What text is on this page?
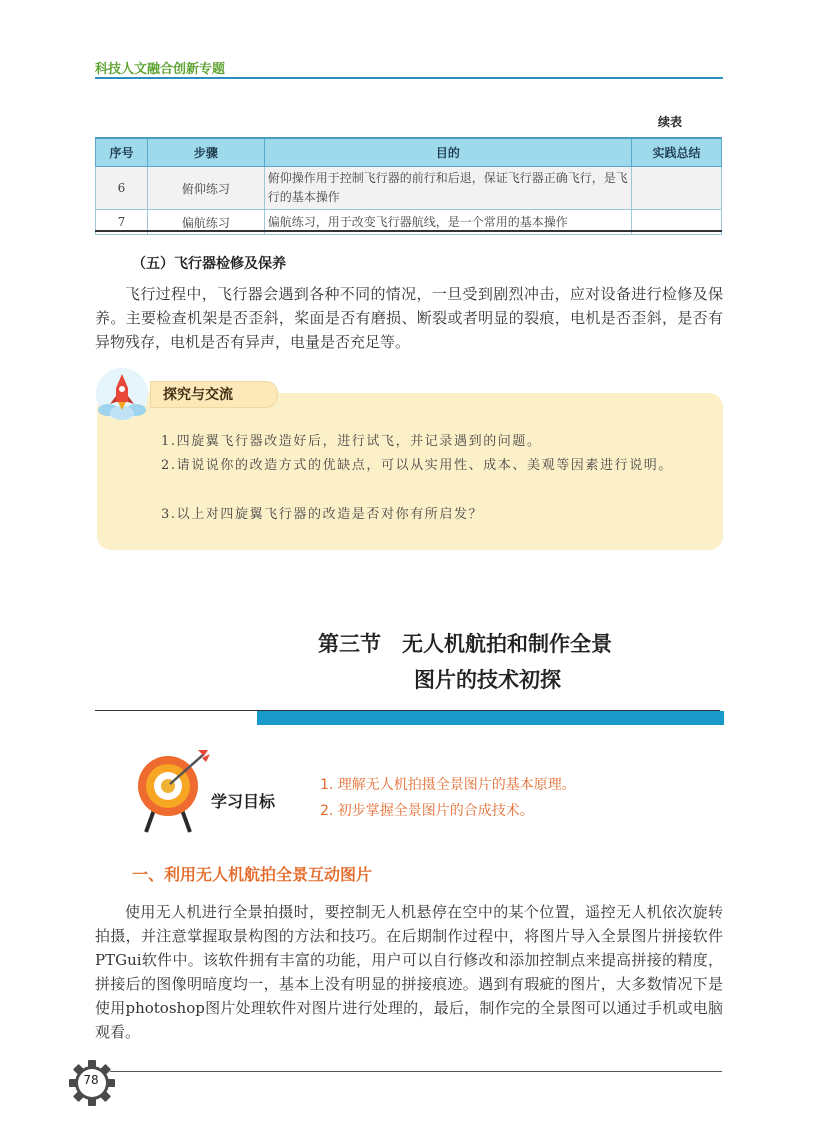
科技人文融合创新专题
续表
序号	步骤	目的	实践总结
6	俯仰练习	俯仰操作用于控制飞行器的前行和后退，保证飞行器正确飞行，是飞行的基本操作	
7	偏航练习	偏航练习，用于改变飞行器航线，是一个常用的基本操作	
（五）飞行器检修及保养
飞行过程中，飞行器会遇到各种不同的情况，一旦受到剧烈冲击，应对设备进行检修及保养。主要检查机架是否歪斜，桨面是否有磨损、断裂或者明显的裂痕，电机是否歪斜，是否有异物残存，电机是否有异声，电量是否充足等。
探究与交流
1.四旋翼飞行器改造好后，进行试飞，并记录遇到的问题。
2.请说说你的改造方式的优缺点，可以从实用性、成本、美观等因素进行说明。
3.以上对四旋翼飞行器的改造是否对你有所启发？
第三节　无人机航拍和制作全景
图片的技术初探
学习目标
1. 理解无人机拍摄全景图片的基本原理。
2. 初步掌握全景图片的合成技术。
一、利用无人机航拍全景互动图片
使用无人机进行全景拍摄时，要控制无人机悬停在空中的某个位置，遥控无人机依次旋转拍摄，并注意掌握取景构图的方法和技巧。在后期制作过程中，将图片导入全景图片拼接软件PTGui软件中。该软件拥有丰富的功能，用户可以自行修改和添加控制点来提高拼接的精度，拼接后的图像明暗度均一，基本上没有明显的拼接痕迹。遇到有瑕疵的图片，大多数情况下是使用photoshop图片处理软件对图片进行处理的，最后，制作完的全景图可以通过手机或电脑观看。
78
